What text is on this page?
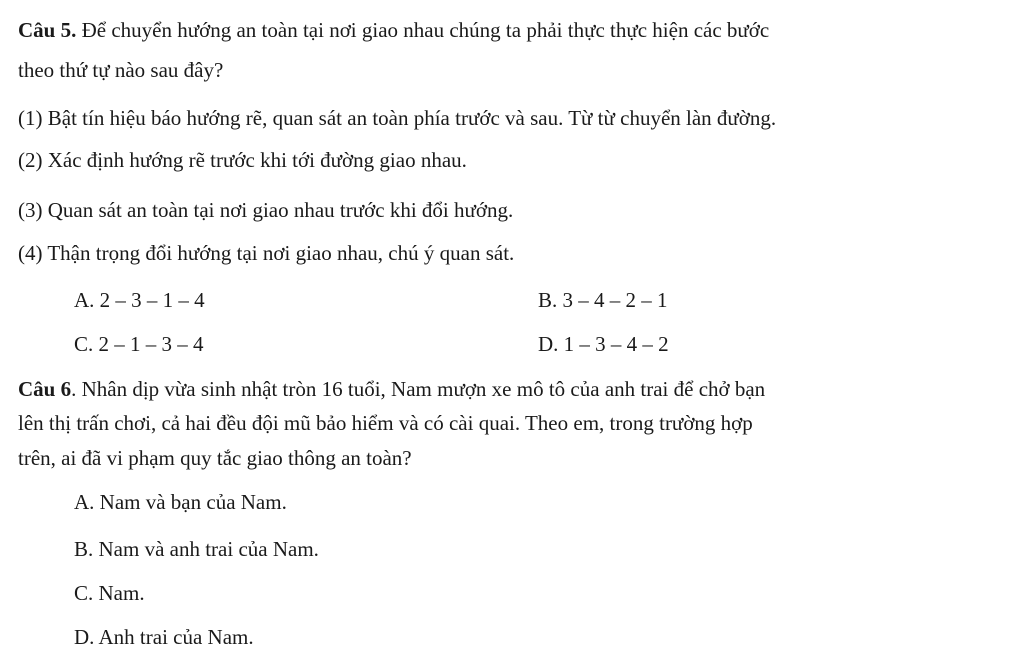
Câu 5. Để chuyển hướng an toàn tại nơi giao nhau chúng ta phải thực thực hiện các bước
theo thứ tự nào sau đây?
(1) Bật tín hiệu báo hướng rẽ, quan sát an toàn phía trước và sau. Từ từ chuyển làn đường.
(2) Xác định hướng rẽ trước khi tới đường giao nhau.
(3) Quan sát an toàn tại nơi giao nhau trước khi đổi hướng.
(4) Thận trọng đổi hướng tại nơi giao nhau, chú ý quan sát.
A. 2 – 3 – 1 – 4	B. 3 – 4 – 2 – 1
C. 2 – 1 – 3 – 4	D. 1 – 3 – 4 – 2
Câu 6. Nhân dịp vừa sinh nhật tròn 16 tuổi, Nam mượn xe mô tô của anh trai để chở bạn
lên thị trấn chơi, cả hai đều đội mũ bảo hiểm và có cài quai. Theo em, trong trường hợp
trên, ai đã vi phạm quy tắc giao thông an toàn?
A. Nam và bạn của Nam.
B. Nam và anh trai của Nam.
C. Nam.
D. Anh trai của Nam.
